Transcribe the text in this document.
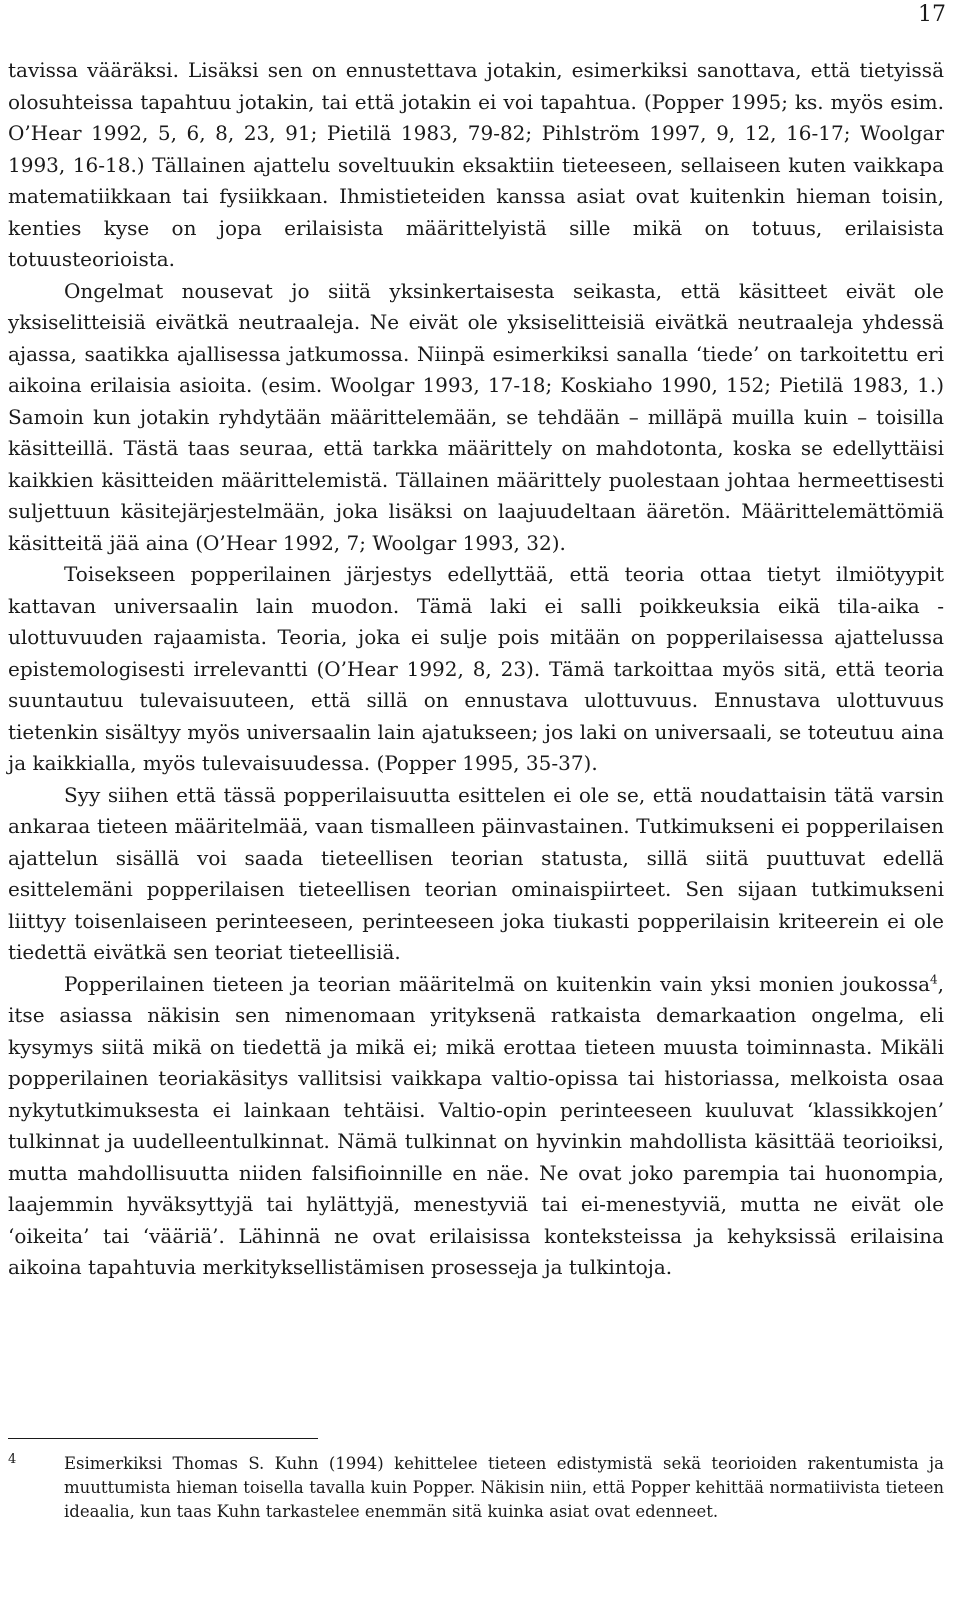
17

tavissa vääräksi. Lisäksi sen on ennustettava jotakin, esimerkiksi sanottava, että tietyissä olosuhteissa tapahtuu jotakin, tai että jotakin ei voi tapahtua. (Popper 1995; ks. myös esim. O’Hear 1992, 5, 6, 8, 23, 91; Pietilä 1983, 79-82; Pihlström 1997, 9, 12, 16-17; Woolgar 1993, 16-18.) Tällainen ajattelu soveltuukin eksaktiin tieteeseen, sellaiseen kuten vaikkapa matematiikkaan tai fysiikkaan. Ihmistieteiden kanssa asiat ovat kuitenkin hieman toisin, kenties kyse on jopa erilaisista määrittelyistä sille mikä on totuus, erilaisista totuusteorioista.

Ongelmat nousevat jo siitä yksinkertaisesta seikasta, että käsitteet eivät ole yksiselitteisiä eivätkä neutraaleja. Ne eivät ole yksiselitteisiä eivätkä neutraaleja yhdessä ajassa, saatikka ajallisessa jatkumossa. Niinpä esimerkiksi sanalla ‘tiede’ on tarkoitettu eri aikoina erilaisia asioita. (esim. Woolgar 1993, 17-18; Koskiaho 1990, 152; Pietilä 1983, 1.) Samoin kun jotakin ryhdytään määrittelemään, se tehdään – milläpä muilla kuin – toisilla käsitteillä. Tästä taas seuraa, että tarkka määrittely on mahdotonta, koska se edellyttäisi kaikkien käsitteiden määrittelemistä. Tällainen määrittely puolestaan johtaa hermeettisesti suljettuun käsitejärjestelmään, joka lisäksi on laajuudeltaan ääretön. Määrittelemättömiä käsitteitä jää aina (O’Hear 1992, 7; Woolgar 1993, 32).

Toisekseen popperilainen järjestys edellyttää, että teoria ottaa tietyt ilmiötyypit kattavan universaalin lain muodon. Tämä laki ei salli poikkeuksia eikä tila-aika -ulottuvuuden rajaamista. Teoria, joka ei sulje pois mitään on popperilaisessa ajattelussa epistemologisesti irrelevantti (O’Hear 1992, 8, 23). Tämä tarkoittaa myös sitä, että teoria suuntautuu tulevaisuuteen, että sillä on ennustava ulottuvuus. Ennustava ulottuvuus tietenkin sisältyy myös universaalin lain ajatukseen; jos laki on universaali, se toteutuu aina ja kaikkialla, myös tulevaisuudessa. (Popper 1995, 35-37).

Syy siihen että tässä popperilaisuutta esittelen ei ole se, että noudattaisin tätä varsin ankaraa tieteen määritelmää, vaan tismalleen päinvastainen. Tutkimukseni ei popperilaisen ajattelun sisällä voi saada tieteellisen teorian statusta, sillä siitä puuttuvat edellä esittelemäni popperilaisen tieteellisen teorian ominaispiirteet. Sen sijaan tutkimukseni liittyy toisenlaiseen perinteeseen, perinteeseen joka tiukasti popperilaisin kriteerein ei ole tiedettä eivätkä sen teoriat tieteellisiä.

Popperilainen tieteen ja teorian määritelmä on kuitenkin vain yksi monien joukossa$^4$, itse asiassa näkisin sen nimenomaan yrityksenä ratkaista demarkaation ongelma, eli kysymys siitä mikä on tiedettä ja mikä ei; mikä erottaa tieteen muusta toiminnasta. Mikäli popperilainen teoriakäsitys vallitsisi vaikkapa valtio-opissa tai historiassa, melkoista osaa nykytutkimuksesta ei lainkaan tehtäisi. Valtio-opin perinteeseen kuuluvat ‘klassikkojen’ tulkinnat ja uudelleentulkinnat. Nämä tulkinnat on hyvinkin mahdollista käsittää teorioiksi, mutta mahdollisuutta niiden falsifioinnille en näe. Ne ovat joko parempia tai huonompia, laajemmin hyväksyttyjä tai hylättyjä, menestyviä tai ei-menestyviä, mutta ne eivät ole ‘oikeita’ tai ‘vääriä’. Lähinnä ne ovat erilaisissa konteksteissa ja kehyksissä erilaisina aikoina tapahtuvia merkityksellistämisen prosesseja ja tulkintoja.

4	Esimerkiksi Thomas S. Kuhn (1994) kehittelee tieteen edistymistä sekä teorioiden rakentumista ja muuttumista hieman toisella tavalla kuin Popper. Näkisin niin, että Popper kehittää normatiivista tieteen ideaalia, kun taas Kuhn tarkastelee enemmän sitä kuinka asiat ovat edenneet.
